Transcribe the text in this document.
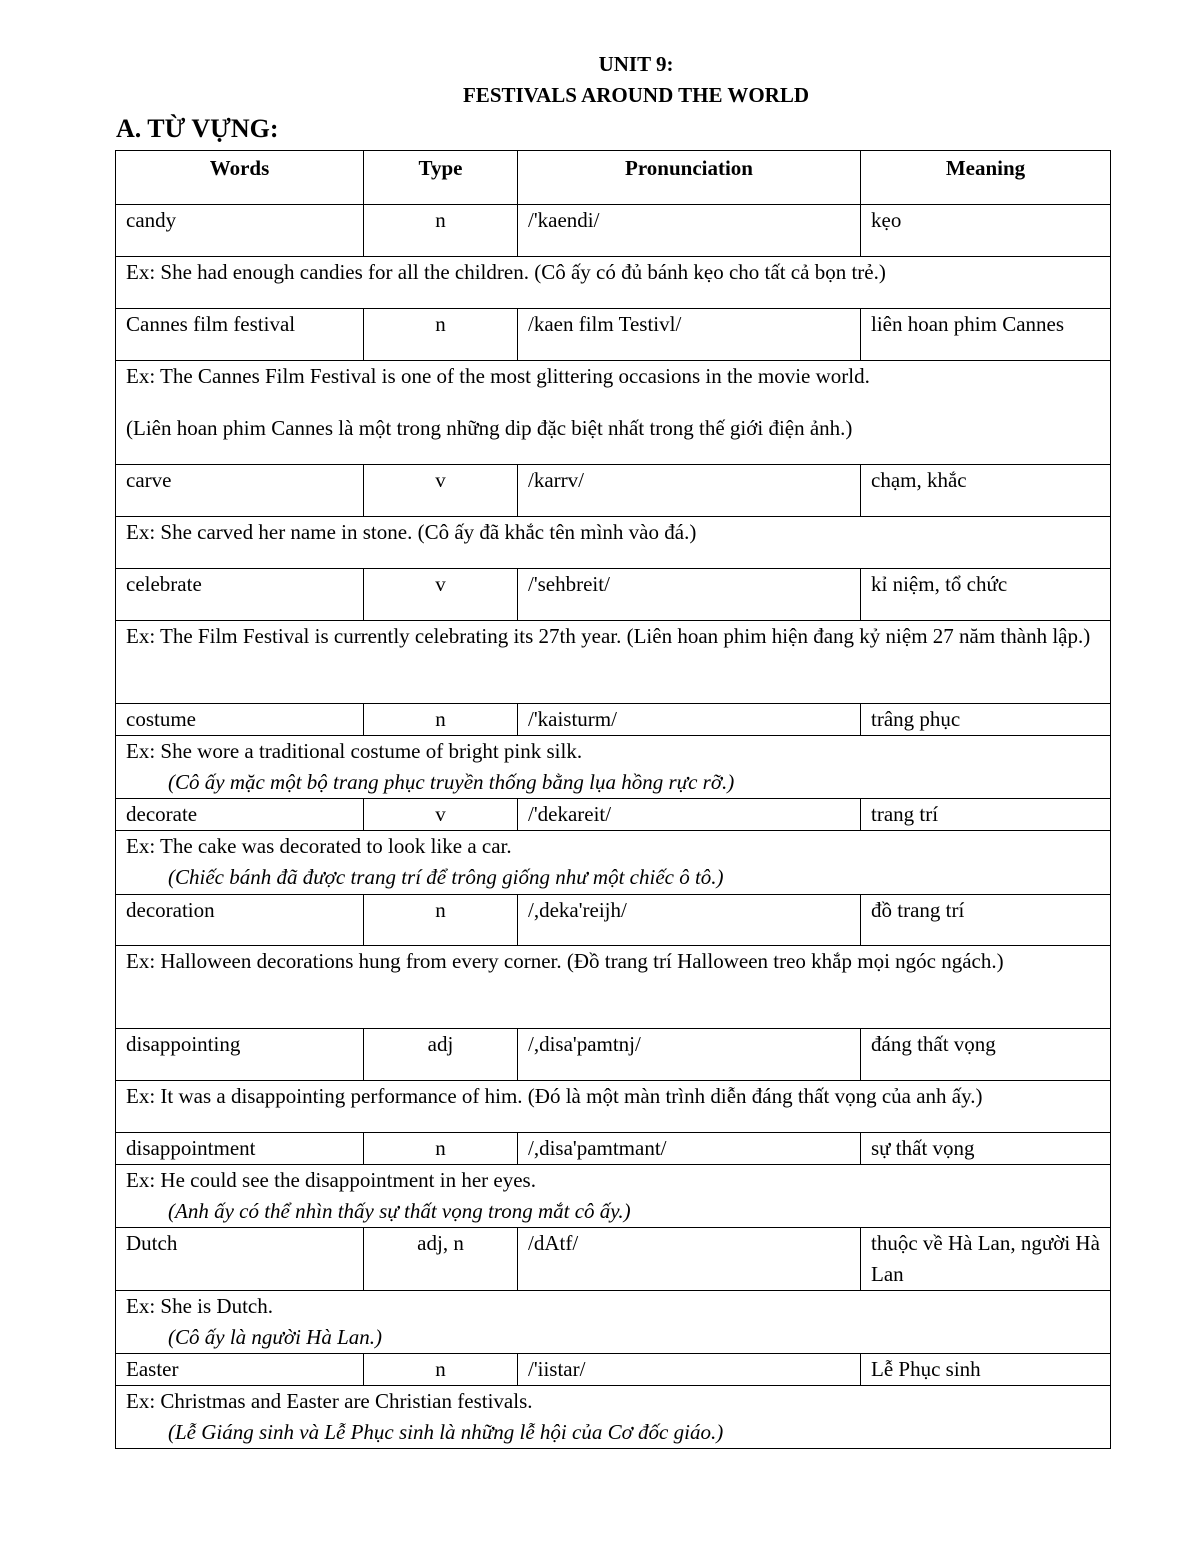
UNIT 9:
FESTIVALS AROUND THE WORLD
A. TỪ VỰNG:
Words	Type	Pronunciation	Meaning
candy	n	/'kaendi/	kẹo

Ex: She had enough candies for all the children. (Cô ấy có đủ bánh kẹo cho tất cả bọn trẻ.)			

Cannes film festival	n	/kaen film Testivl/	liên hoan phim Cannes

Ex: The Cannes Film Festival is one of the most glittering occasions in the movie world.

(Liên hoan phim Cannes là một trong những dip đặc biệt nhất trong thế giới điện ảnh.)			

carve	v	/karrv/	chạm, khắc

Ex: She carved her name in stone. (Cô ấy đã khắc tên mình vào đá.)			

celebrate	v	/'sehbreit/	kỉ niệm, tổ chức

Ex: The Film Festival is currently celebrating its 27th year. (Liên hoan phim hiện đang kỷ niệm 27 năm thành lập.)			

costume	n	/'kaisturm/	trâng phục

Ex: She wore a traditional costume of bright pink silk.

(Cô ấy mặc một bộ trang phục truyền thống bằng lụa hồng rực rỡ.)			

decorate	v	/'dekareit/	trang trí

Ex: The cake was decorated to look like a car.

(Chiếc bánh đã được trang trí để trông giống như một chiếc ô tô.)			

decoration	n	/,deka'reijh/	đồ trang trí

Ex: Halloween decorations hung from every corner. (Đồ trang trí Halloween treo khắp mọi ngóc ngách.)			

disappointing	adj	/,disa'pamtnj/	đáng thất vọng

Ex: It was a disappointing performance of him. (Đó là một màn trình diễn đáng thất vọng của anh ấy.)			

disappointment	n	/,disa'pamtmant/	sự thất vọng

Ex: He could see the disappointment in her eyes.

(Anh ấy có thể nhìn thấy sự thất vọng trong mắt cô ấy.)			

Dutch	adj, n	/dAtf/	thuộc về Hà Lan, người Hà Lan

Ex: She is Dutch.

(Cô ấy là người Hà Lan.)			

Easter	n	/'iistar/	Lễ Phục sinh

Ex: Christmas and Easter are Christian festivals.

(Lễ Giáng sinh và Lễ Phục sinh là những lễ hội của Cơ đốc giáo.)			
